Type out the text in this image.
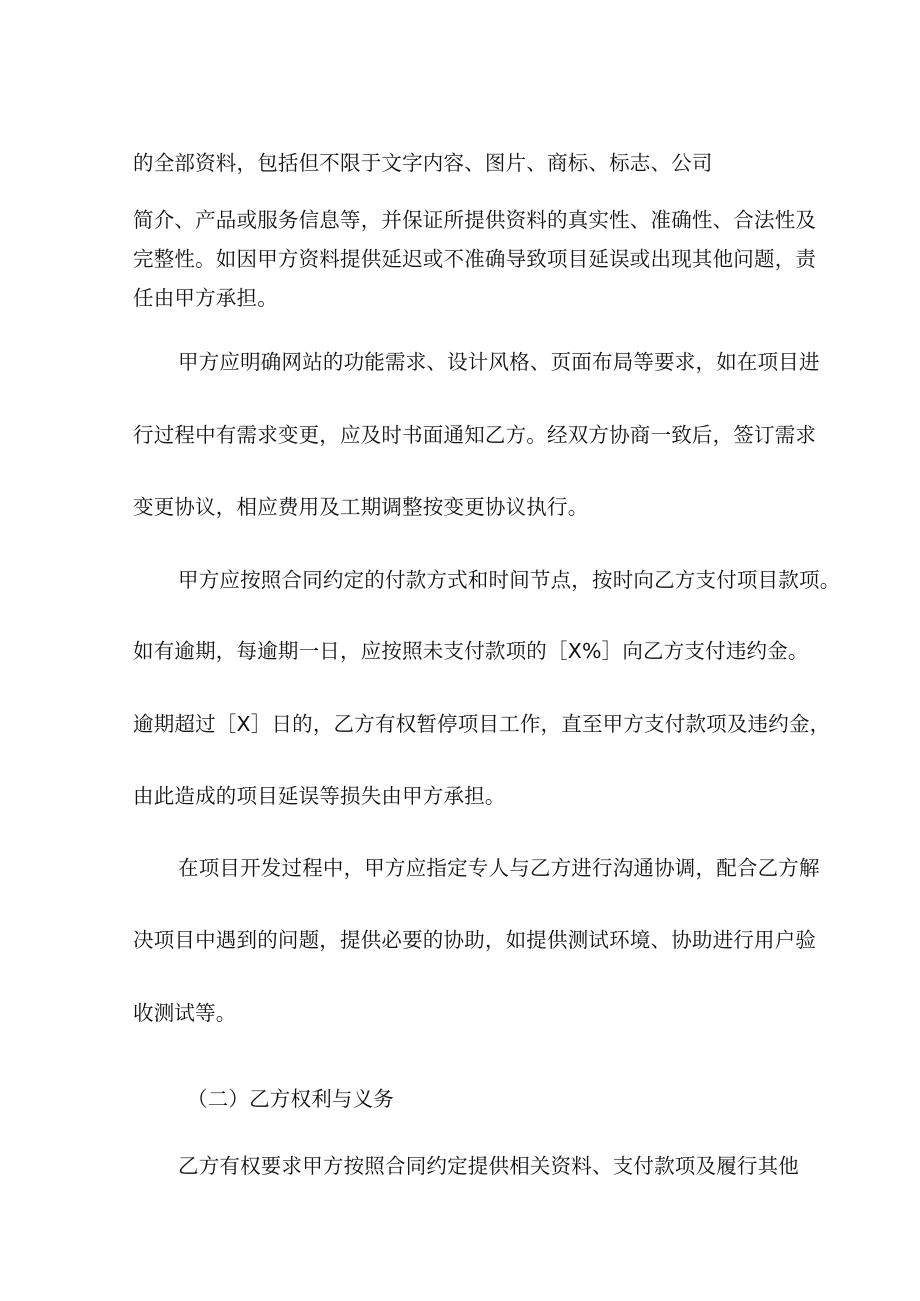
的全部资料，包括但不限于文字内容、图片、商标、标志、公司

简介、产品或服务信息等，并保证所提供资料的真实性、准确性、合法性及

完整性。如因甲方资料提供延迟或不准确导致项目延误或出现其他问题，责

任由甲方承担。

甲方应明确网站的功能需求、设计风格、页面布局等要求，如在项目进

行过程中有需求变更，应及时书面通知乙方。经双方协商一致后，签订需求

变更协议，相应费用及工期调整按变更协议执行。

甲方应按照合同约定的付款方式和时间节点，按时向乙方支付项目款项。

如有逾期，每逾期一日，应按照未支付款项的［X%］向乙方支付违约金。

逾期超过［X］日的，乙方有权暂停项目工作，直至甲方支付款项及违约金，

由此造成的项目延误等损失由甲方承担。

在项目开发过程中，甲方应指定专人与乙方进行沟通协调，配合乙方解

决项目中遇到的问题，提供必要的协助，如提供测试环境、协助进行用户验

收测试等。

（二）乙方权利与义务

乙方有权要求甲方按照合同约定提供相关资料、支付款项及履行其他
